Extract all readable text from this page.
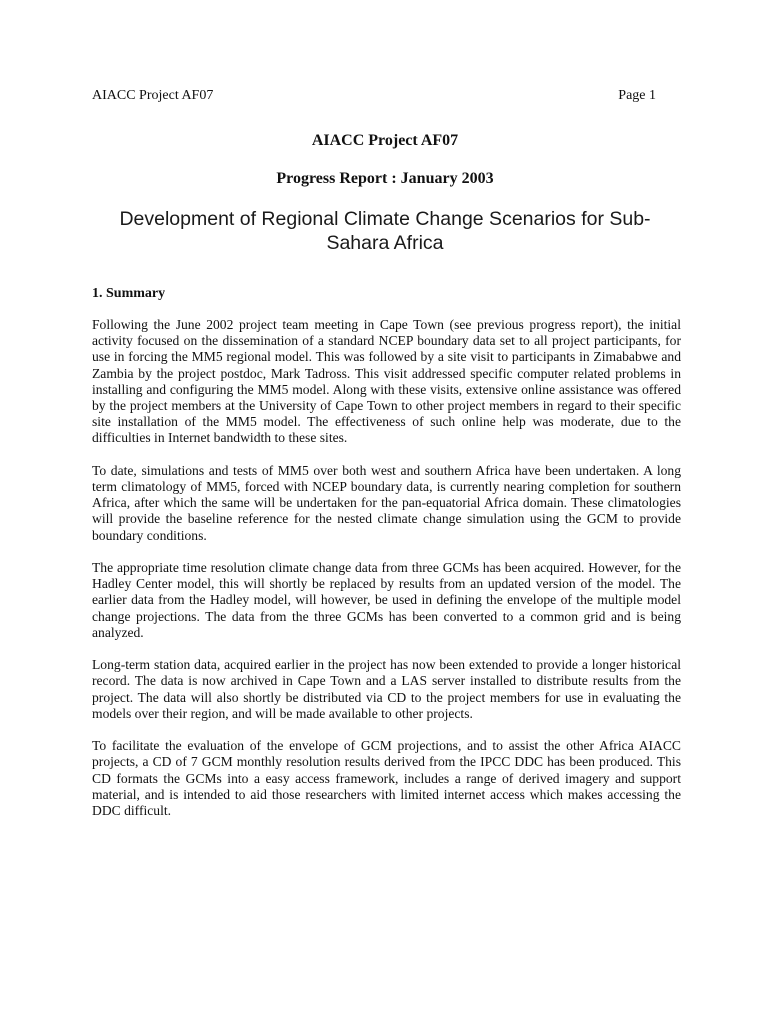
AIACC Project AF07	Page 1
AIACC Project AF07
Progress Report : January 2003
Development of Regional Climate Change Scenarios for Sub-Sahara Africa
1. Summary

Following the June 2002 project team meeting in Cape Town (see previous progress report), the initial activity focused on the dissemination of a standard NCEP boundary data set to all project participants, for use in forcing the MM5 regional model. This was followed by a site visit to participants in Zimababwe and Zambia by the project postdoc, Mark Tadross. This visit addressed specific computer related problems in installing and configuring the MM5 model. Along with these visits, extensive online assistance was offered by the project members at the University of Cape Town to other project members in regard to their specific site installation of the MM5 model. The effectiveness of such online help was moderate, due to the difficulties in Internet bandwidth to these sites.

To date, simulations and tests of MM5 over both west and southern Africa have been undertaken. A long term climatology of MM5, forced with NCEP boundary data, is currently nearing completion for southern Africa, after which the same will be undertaken for the pan-equatorial Africa domain. These climatologies will provide the baseline reference for the nested climate change simulation using the GCM to provide boundary conditions.

The appropriate time resolution climate change data from three GCMs has been acquired. However, for the Hadley Center model, this will shortly be replaced by results from an updated version of the model. The earlier data from the Hadley model, will however, be used in defining the envelope of the multiple model change projections. The data from the three GCMs has been converted to a common grid and is being analyzed.

Long-term station data, acquired earlier in the project has now been extended to provide a longer historical record. The data is now archived in Cape Town and a LAS server installed to distribute results from the project. The data will also shortly be distributed via CD to the project members for use in evaluating the models over their region, and will be made available to other projects.

To facilitate the evaluation of the envelope of GCM projections, and to assist the other Africa AIACC projects, a CD of 7 GCM monthly resolution results derived from the IPCC DDC has been produced. This CD formats the GCMs into a easy access framework, includes a range of derived imagery and support material, and is intended to aid those researchers with limited internet access which makes accessing the DDC difficult.
